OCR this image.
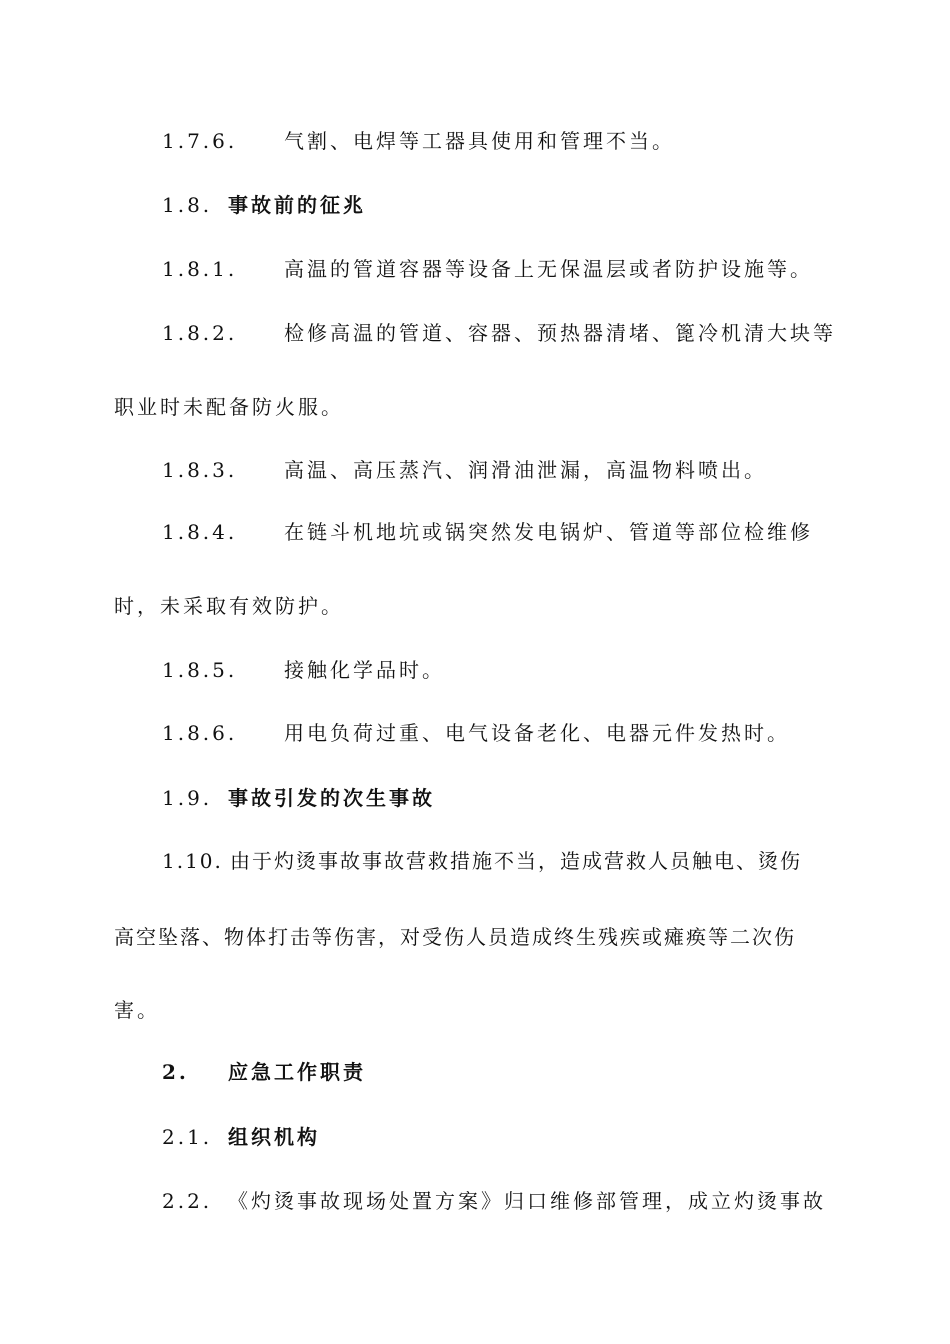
1.7.6. 气割、电焊等工器具使用和管理不当。
1.8. 事故前的征兆
1.8.1. 高温的管道容器等设备上无保温层或者防护设施等。
1.8.2. 检修高温的管道、容器、预热器清堵、篦冷机清大块等
职业时未配备防火服。
1.8.3. 高温、高压蒸汽、润滑油泄漏，高温物料喷出。
1.8.4. 在链斗机地坑或锅突然发电锅炉、管道等部位检维修
时，未采取有效防护。
1.8.5. 接触化学品时。
1.8.6. 用电负荷过重、电气设备老化、电器元件发热时。
1.9. 事故引发的次生事故
1.10. 由于灼烫事故事故营救措施不当，造成营救人员触电、烫伤
高空坠落、物体打击等伤害，对受伤人员造成终生残疾或瘫痪等二次伤
害。
2. 应急工作职责
2.1. 组织机构
2.2. 《灼烫事故现场处置方案》归口维修部管理，成立灼烫事故
